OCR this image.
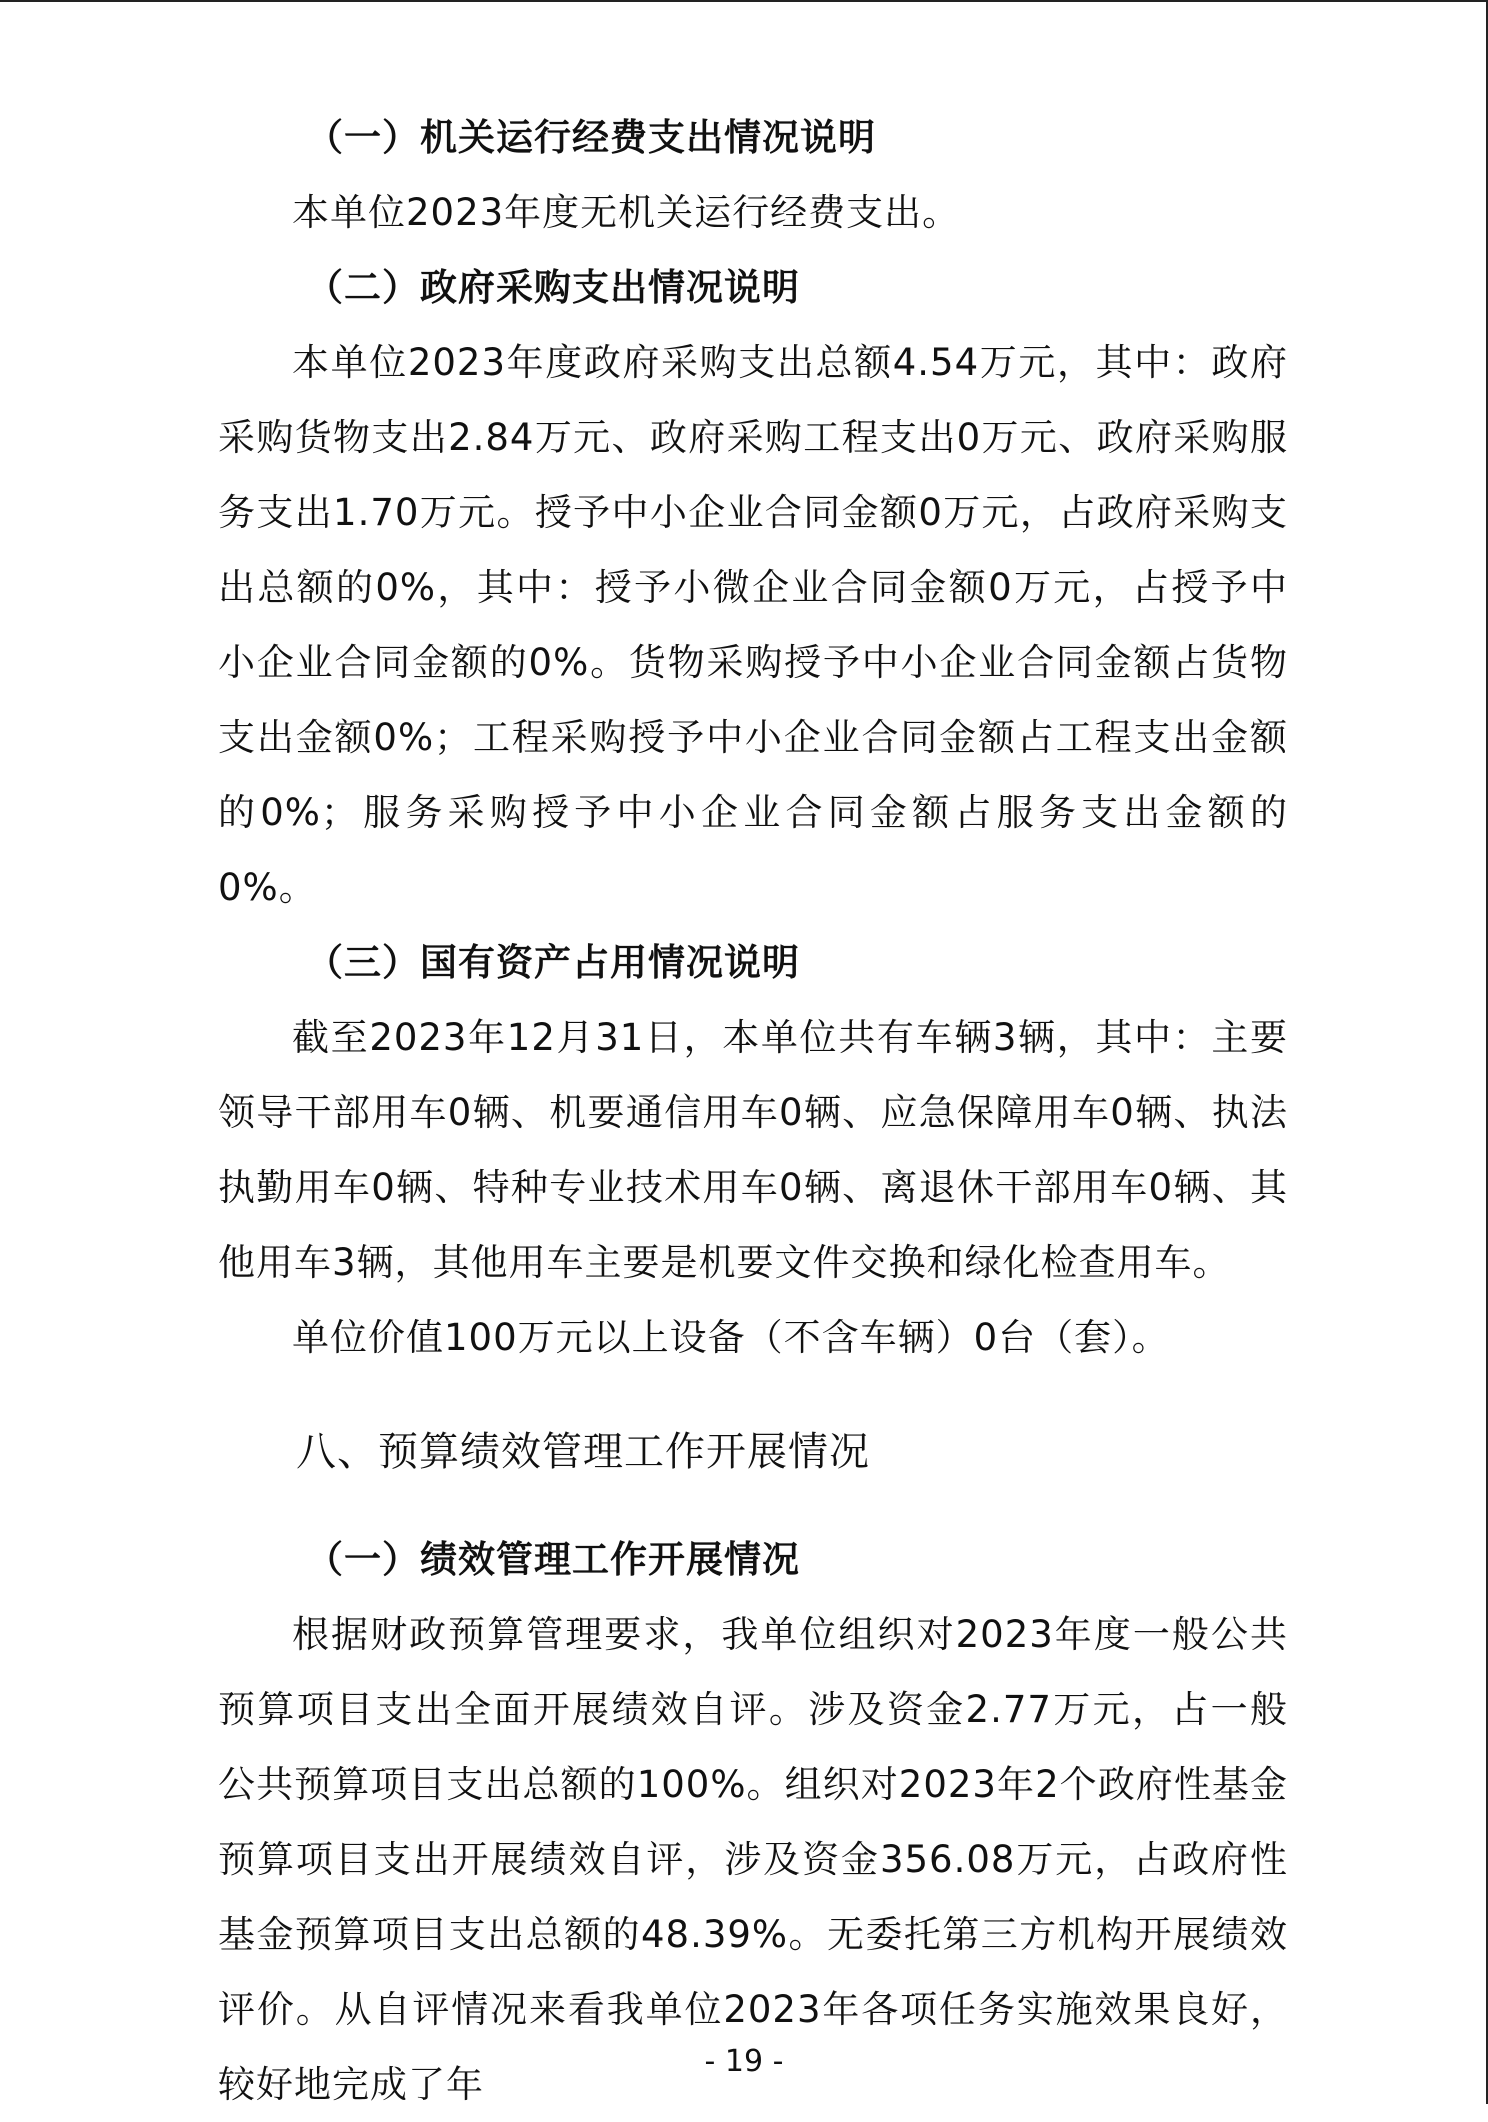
（一）机关运行经费支出情况说明

本单位2023年度无机关运行经费支出。

（二）政府采购支出情况说明

本单位2023年度政府采购支出总额4.54万元，其中：政府采购货物支出2.84万元、政府采购工程支出0万元、政府采购服务支出1.70万元。授予中小企业合同金额0万元，占政府采购支出总额的0%，其中：授予小微企业合同金额0万元，占授予中小企业合同金额的0%。货物采购授予中小企业合同金额占货物支出金额0%；工程采购授予中小企业合同金额占工程支出金额的0%；服务采购授予中小企业合同金额占服务支出金额的0%。

（三）国有资产占用情况说明

截至2023年12月31日，本单位共有车辆3辆，其中：主要领导干部用车0辆、机要通信用车0辆、应急保障用车0辆、执法执勤用车0辆、特种专业技术用车0辆、离退休干部用车0辆、其他用车3辆，其他用车主要是机要文件交换和绿化检查用车。

单位价值100万元以上设备（不含车辆）0台（套）。

八、预算绩效管理工作开展情况

（一）绩效管理工作开展情况

根据财政预算管理要求，我单位组织对2023年度一般公共预算项目支出全面开展绩效自评。涉及资金2.77万元，占一般公共预算项目支出总额的100%。组织对2023年2个政府性基金预算项目支出开展绩效自评，涉及资金356.08万元，占政府性基金预算项目支出总额的48.39%。无委托第三方机构开展绩效评价。从自评情况来看我单位2023年各项任务实施效果良好，较好地完成了年

- 19 -
